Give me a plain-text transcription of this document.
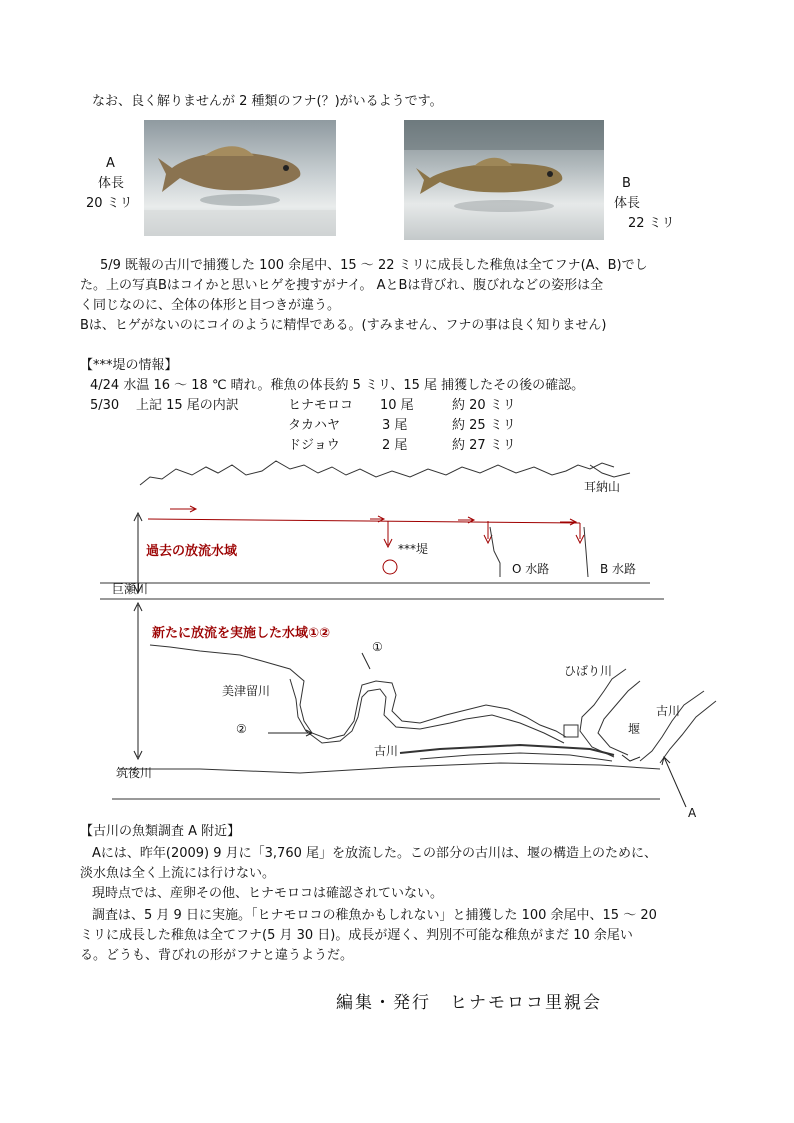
なお、良く解りませんが 2 種類のフナ(？)がいるようです。
A
体長
20 ミリ
B
体長
22 ミリ
5/9 既報の古川で捕獲した 100 余尾中、15 ～ 22 ミリに成長した稚魚は全てフナ(A、B)でし
た。上の写真Bはコイかと思いヒゲを捜すがナイ。 AとBは背びれ、腹びれなどの姿形は全
く同じなのに、全体の体形と目つきが違う。
Bは、ヒゲがないのにコイのように精悍である。(すみません、フナの事は良く知りません)
【***堤の情報】
4/24 水温 16 ～ 18 ℃ 晴れ。稚魚の体長約 5 ミリ、15 尾 捕獲したその後の確認。
5/30 上記 15 尾の内訳	ヒナモロコ 10 尾	約 20 ミリ
タカハヤ	3 尾	約 25 ミリ
ドジョウ	2 尾	約 27 ミリ
耳納山
過去の放流水域	***堤
O 水路	B 水路
巨瀬川
新たに放流を実施した水域①②
①
美津留川
ひばり川
古川
堰
②
古川
筑後川
A
【古川の魚類調査 A 附近】
Aには、昨年(2009) 9 月に「3,760 尾」を放流した。この部分の古川は、堰の構造上のために、
淡水魚は全く上流には行けない。
現時点では、産卵その他、ヒナモロコは確認されていない。
調査は、5 月 9 日に実施。「ヒナモロコの稚魚かもしれない」と捕獲した 100 余尾中、15 ～ 20
ミリに成長した稚魚は全てフナ(5 月 30 日)。成長が遅く、判別不可能な稚魚がまだ 10 余尾い
る。どうも、背びれの形がフナと違うようだ。
編集・発行　ヒナモロコ里親会
